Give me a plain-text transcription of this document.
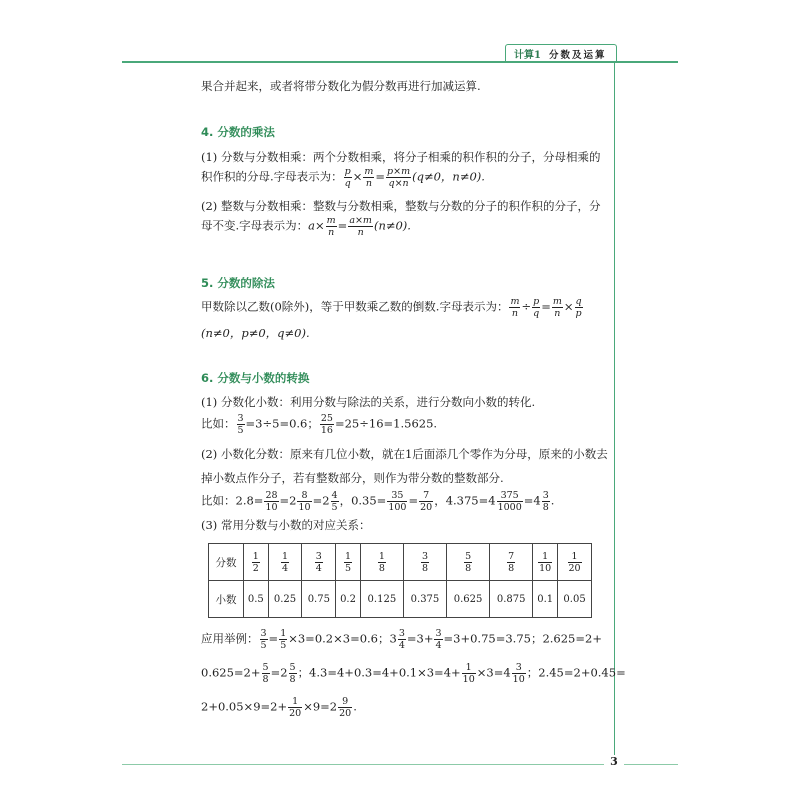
计算1 分数及运算
3
果合并起来，或者将带分数化为假分数再进行加减运算.
4. 分数的乘法
(1) 分数与分数相乘：两个分数相乘，将分子相乘的积作积的分子，分母相乘的
积作积的分母.字母表示为： $\frac{p}{q} \times \frac{m}{n} = \frac{p\times m}{q\times n} (q\ne 0$，n≠0).
(2) 整数与分数相乘：整数与分数相乘，整数与分数的分子的积作积的分子，分
母不变.字母表示为：$a\times \frac{m}{n} = \frac{a\times m}{n} (n\ne 0)$.
5. 分数的除法
甲数除以乙数(0除外)，等于甲数乘乙数的倒数.字母表示为： $\frac{m}{n} \div \frac{p}{q} = \frac{m}{n} \times \frac{q}{p}$
(n≠0，p≠0，q≠0).
6. 分数与小数的转换
(1) 分数化小数：利用分数与除法的关系，进行分数向小数的转化.
比如： $\frac{3}{5} =3\div 5=0.6$； $\frac{25}{16} =25\div 16=1.5625$.
(2) 小数化分数：原来有几位小数，就在1后面添几个零作为分母，原来的小数去
掉小数点作分子，若有整数部分，则作为带分数的整数部分.
比如：$2.8= \frac{28}{10} =2 \frac{8}{10} =2 \frac{4}{5}$ ，$0.35= \frac{35}{100} = \frac{7}{20}$ ，$4.375=4 \frac{375}{1000} =4 \frac{3}{8}$ .
(3) 常用分数与小数的对应关系：
应用举例： $\frac{3}{5} = \frac{1}{5} \times 3=0.2\times 3=0.6$；$3 \frac{3}{4} =3+ \frac{3}{4} =3+0.75=3.75$；2.625=2+
$0.625=2+ \frac{5}{8} =2 \frac{5}{8}$ ；$4.3=4+0.3=4+0.1\times 3=4+ \frac{1}{10} \times 3=4 \frac{3}{10}$ ；2.45=2+0.45=
$2+0.05\times 9=2+ \frac{1}{20} \times 9=2 \frac{9}{20}$ .
分数	$\frac{1}{2}$	$\frac{1}{4}$	$\frac{3}{4}$	$\frac{1}{5}$	$\frac{1}{8}$	$\frac{3}{8}$	$\frac{5}{8}$	$\frac{7}{8}$	$\frac{1}{10}$	$\frac{1}{20}$

小数	0.5	0.25	0.75	0.2	0.125	0.375	0.625	0.875	0.1	0.05
